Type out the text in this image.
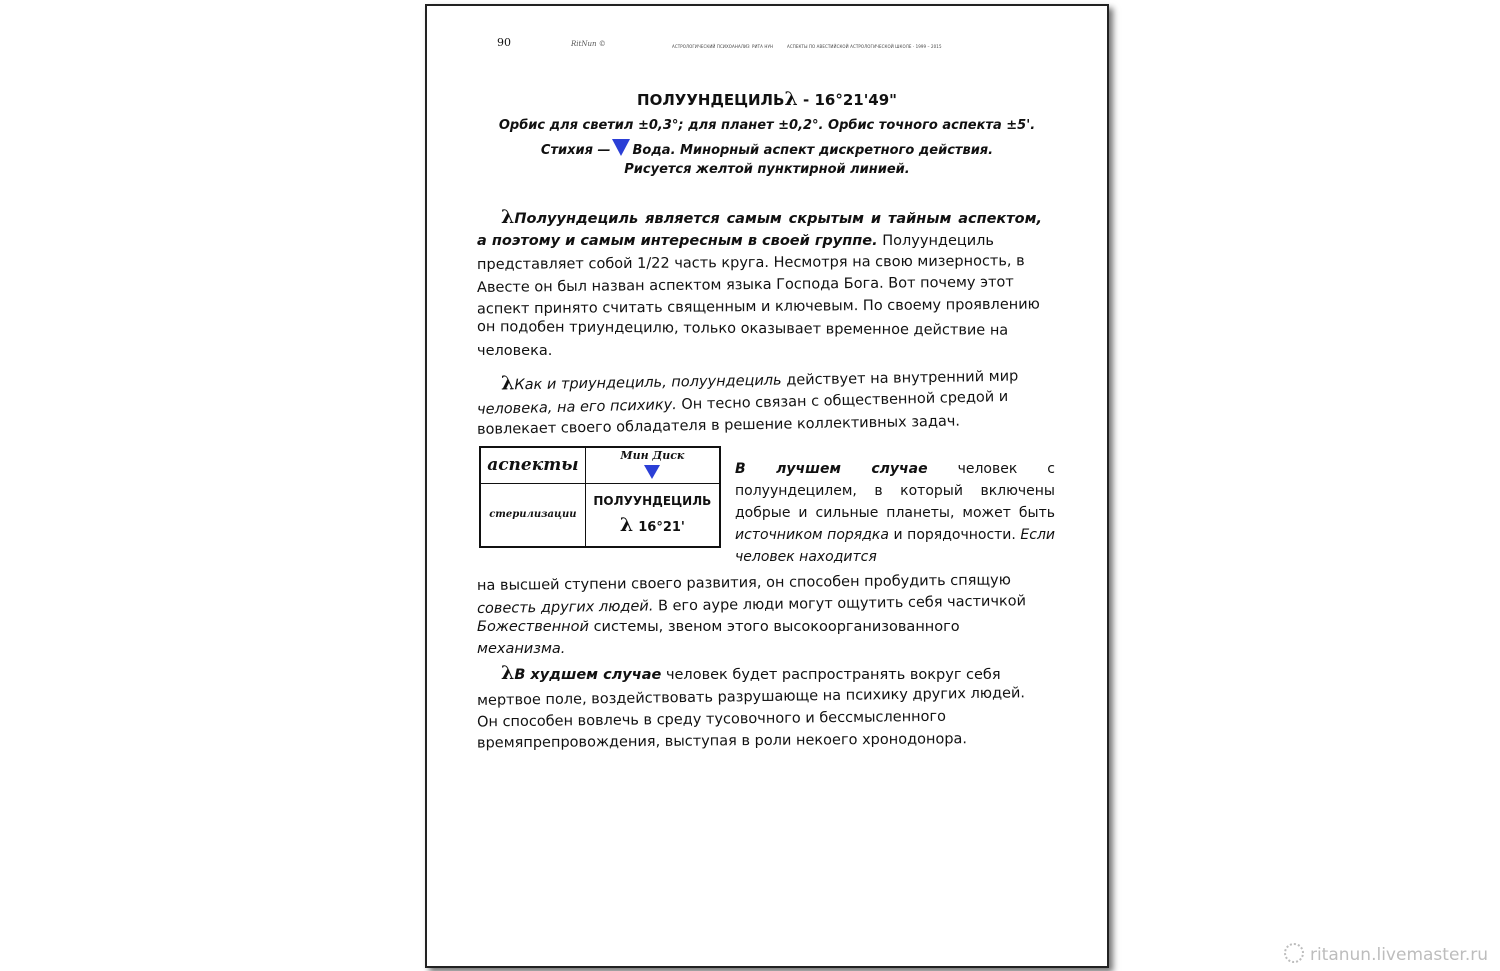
90	RitNun ©	АСТРОЛОГИЧЕСКИЙ ПСИХОАНАЛИЗ РИТА НУН	АСПЕКТЫ ПО АВЕСТИЙСКОЙ АСТРОЛОГИЧЕСКОЙ ШКОЛЕ · 1999 – 2015
ПОЛУУНДЕЦИЛЬλ - 16°21'49"
Орбис для светил ±0,3°; для планет ±0,2°. Орбис точного аспекта ±5'.
Стихия — Вода. Минорный аспект дискретного действия.
Рисуется желтой пунктирной линией.
λПолуундециль является самым скрытым и тайным аспектом, а поэтому и самым интересным в своей группе. Полуундециль
представляет собой 1/22 часть круга. Несмотря на свою мизерность, в
Авесте он был назван аспектом языка Господа Бога. Вот почему этот
аспект принято считать священным и ключевым. По своему проявлению
он подобен триундецилю, только оказывает временное действие на
человека.
λКак и триундециль, полуундециль действует на внутренний мир
человека, на его психику. Он тесно связан с общественной средой и
вовлекает своего обладателя в решение коллективных задач.
аспекты	Мин Диск

стерилизации	ПОЛУУНДЕЦИЛЬ
λ 16°21'
В лучшем случае человек с полуундецилем, в который включены добрые и сильные планеты, может быть источником порядка и порядочности. Если человек находится
на высшей ступени своего развития, он способен пробудить спящую
совесть других людей. В его ауре люди могут ощутить себя частичкой
Божественной системы, звеном этого высокоорганизованного
механизма.
λВ худшем случае человек будет распространять вокруг себя
мертвое поле, воздействовать разрушающе на психику других людей.
Он способен вовлечь в среду тусовочного и бессмысленного
времяпрепровождения, выступая в роли некоего хронодонора.
ritanun.livemaster.ru
